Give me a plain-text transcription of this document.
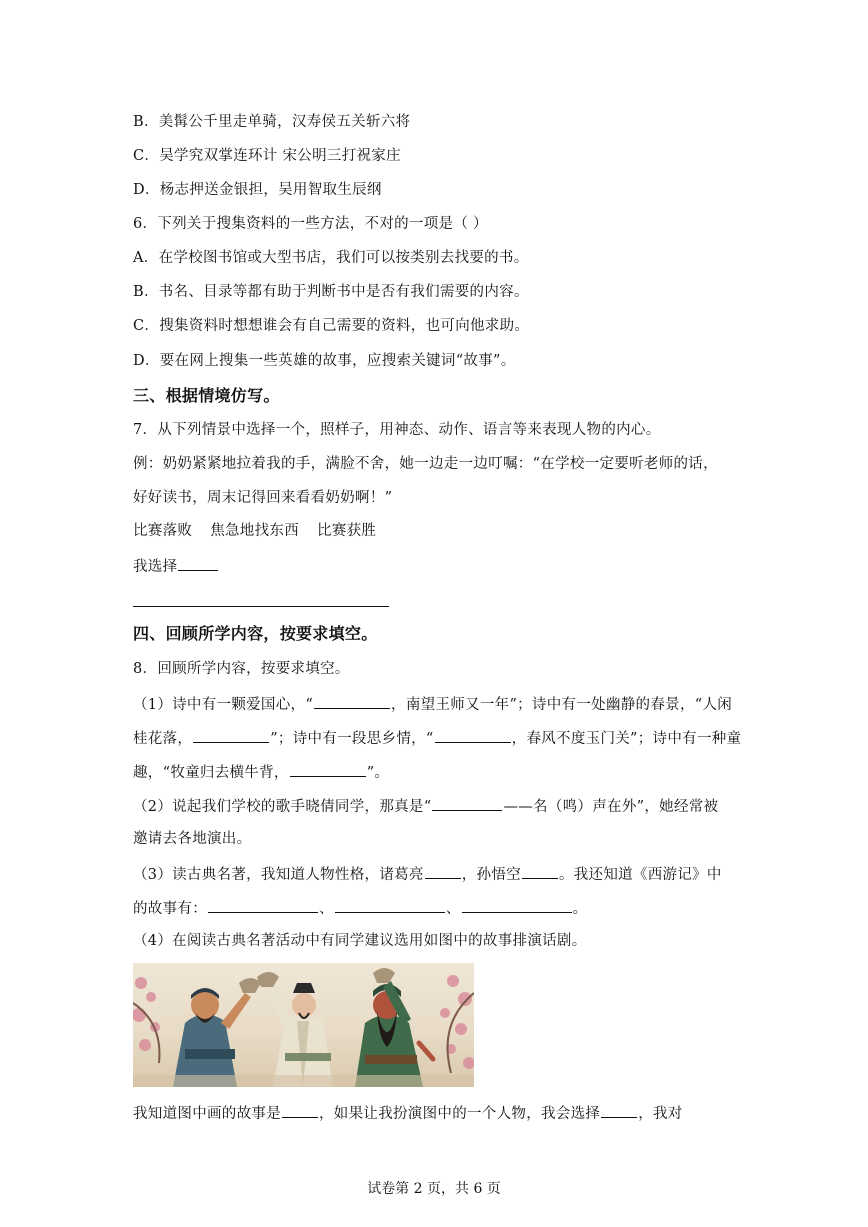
B．美髯公千里走单骑，汉寿侯五关斩六将
C．吴学究双掌连环计 宋公明三打祝家庄
D．杨志押送金银担，吴用智取生辰纲
6．下列关于搜集资料的一些方法，不对的一项是（ ）
A．在学校图书馆或大型书店，我们可以按类别去找要的书。
B．书名、目录等都有助于判断书中是否有我们需要的内容。
C．搜集资料时想想谁会有自己需要的资料，也可向他求助。
D．要在网上搜集一些英雄的故事，应搜索关键词“故事”。
三、根据情境仿写。
7．从下列情景中选择一个，照样子，用神态、动作、语言等来表现人物的内心。
例：奶奶紧紧地拉着我的手，满脸不舍，她一边走一边叮嘱：“在学校一定要听老师的话，
好好读书，周末记得回来看看奶奶啊！”
比赛落败 焦急地找东西 比赛获胜
我选择
四、回顾所学内容，按要求填空。
8．回顾所学内容，按要求填空。
（1）诗中有一颗爱国心，“	，南望王师又一年”；诗中有一处幽静的春景，“人闲
桂花落，	”；诗中有一段思乡情，“	，春风不度玉门关”；诗中有一种童
趣，“牧童归去横牛背，	”。
（2）说起我们学校的歌手晓倩同学，那真是“	——名（鸣）声在外”，她经常被
邀请去各地演出。
（3）读古典名著，我知道人物性格，诸葛亮	，孙悟空	。我还知道《西游记》中
的故事有：	、	、	。
（4）在阅读古典名著活动中有同学建议选用如图中的故事排演话剧。
我知道图中画的故事是	，如果让我扮演图中的一个人物，我会选择	，我对
试卷第 2 页，共 6 页
